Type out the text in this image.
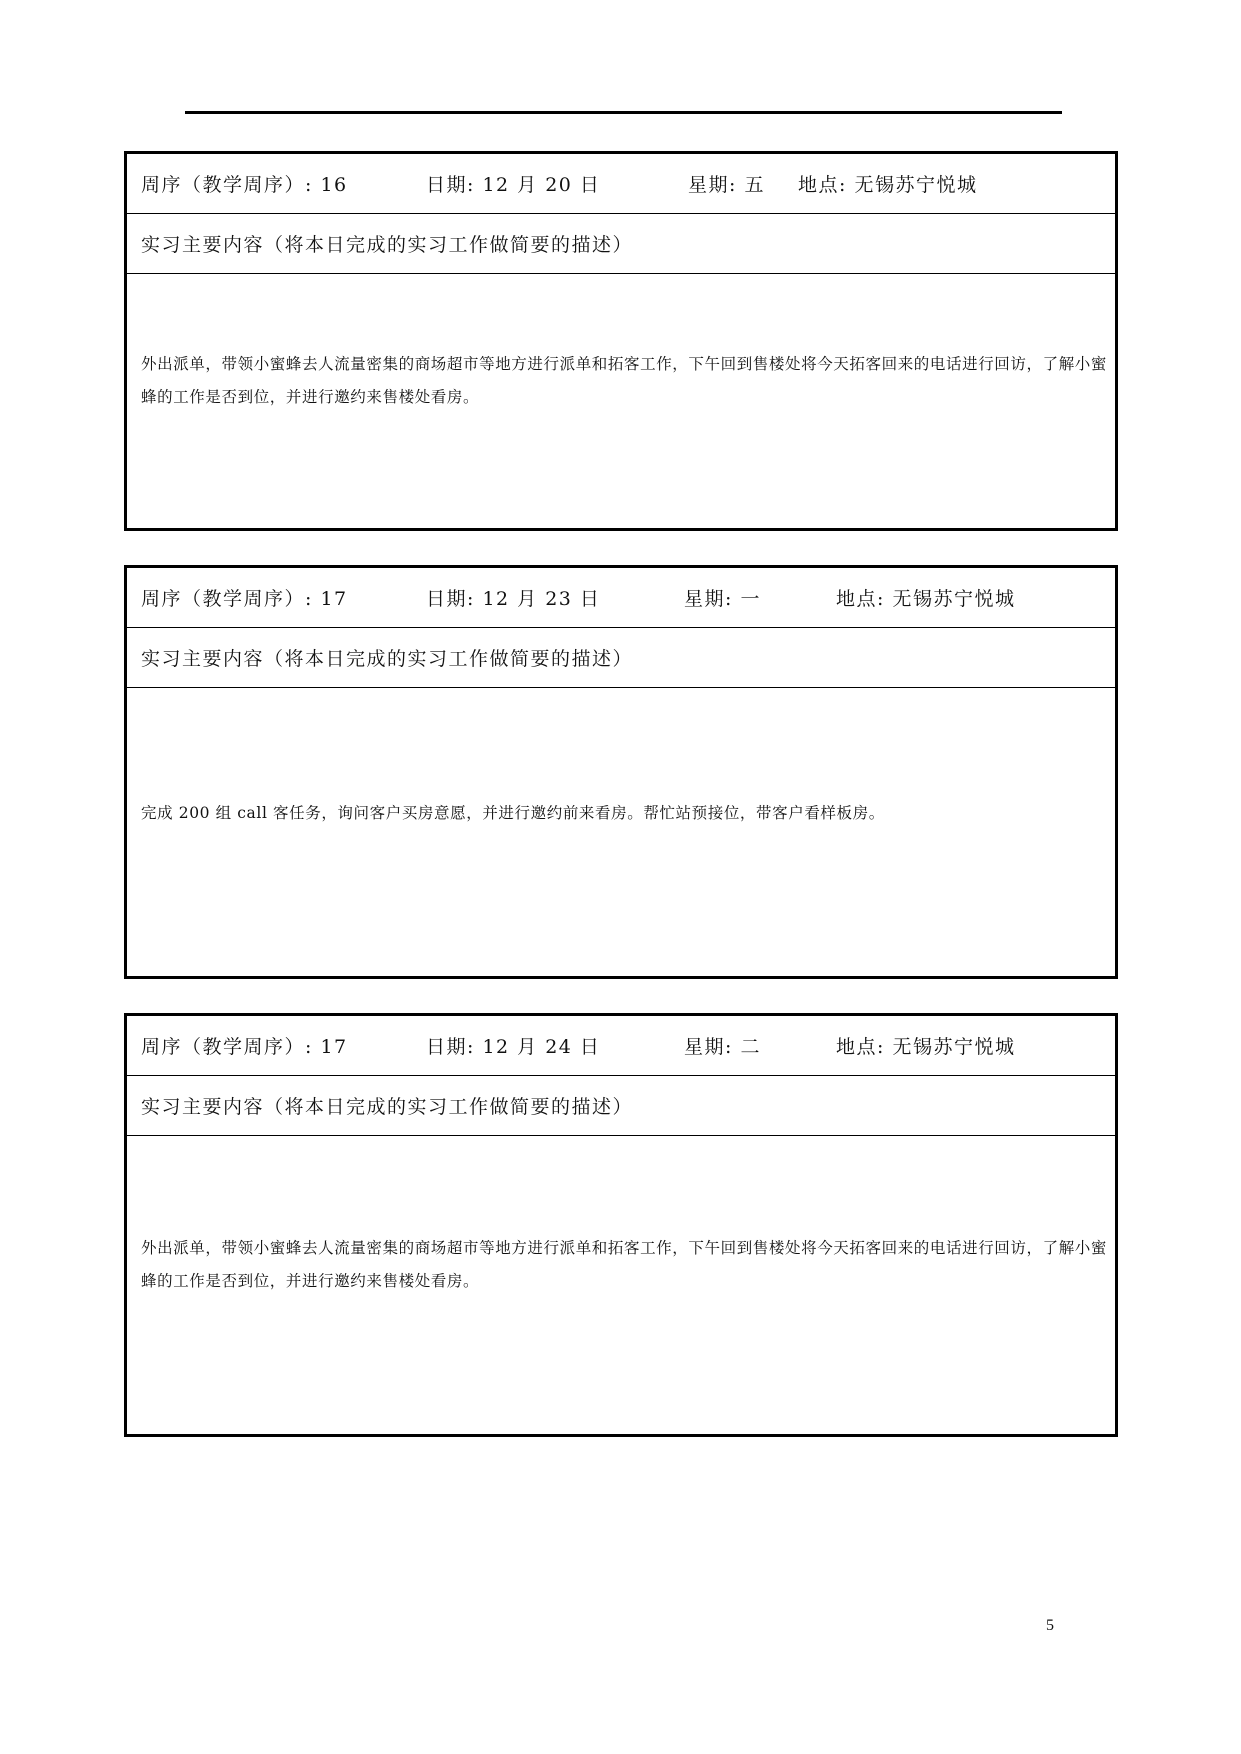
周序（教学周序）: 16	日期: 12 月 20 日	星期: 五	地点: 无锡苏宁悦城
实习主要内容（将本日完成的实习工作做简要的描述）

外出派单，带领小蜜蜂去人流量密集的商场超市等地方进行派单和拓客工作，下午回到售楼处将今天拓客回来的电话进行回访，了解小蜜蜂的工作是否到位，并进行邀约来售楼处看房。

周序（教学周序）: 17	日期: 12 月 23 日	星期: 一	地点: 无锡苏宁悦城
实习主要内容（将本日完成的实习工作做简要的描述）

完成 200 组 call 客任务，询问客户买房意愿，并进行邀约前来看房。帮忙站预接位，带客户看样板房。

周序（教学周序）: 17	日期: 12 月 24 日	星期: 二	地点: 无锡苏宁悦城
实习主要内容（将本日完成的实习工作做简要的描述）

外出派单，带领小蜜蜂去人流量密集的商场超市等地方进行派单和拓客工作，下午回到售楼处将今天拓客回来的电话进行回访，了解小蜜蜂的工作是否到位，并进行邀约来售楼处看房。

5
